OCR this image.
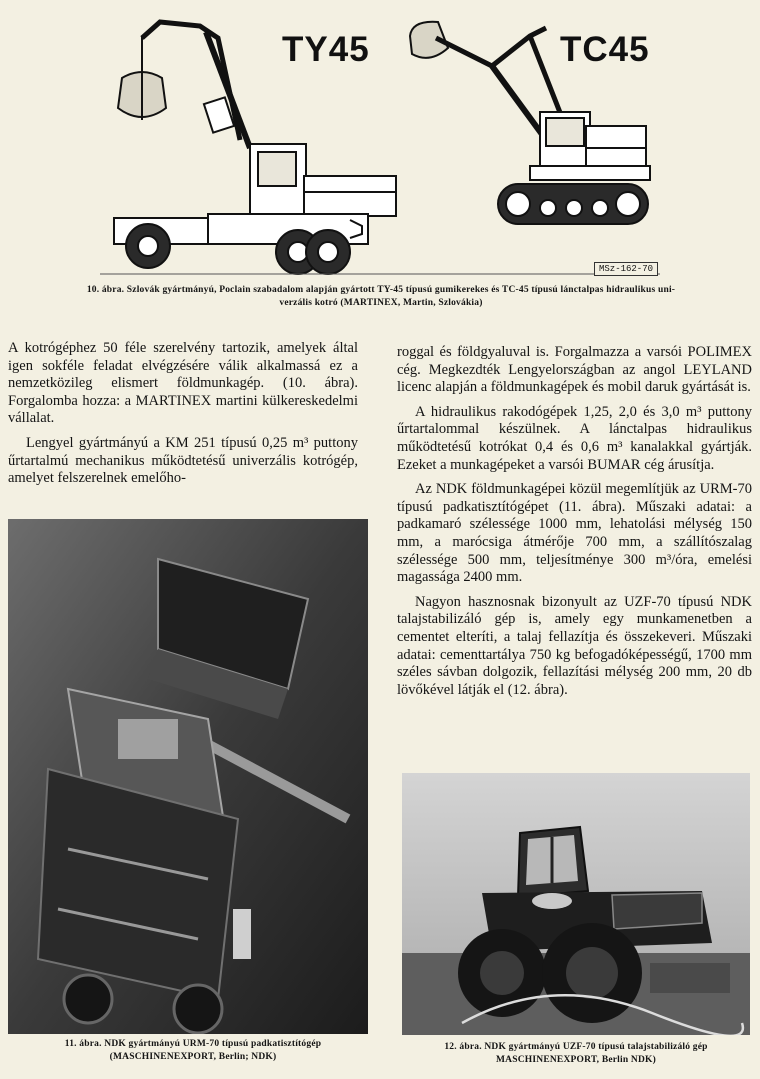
TY45	TC45
MSz-162-70
10. ábra. Szlovák gyártmányú, Poclain szabadalom alapján gyártott TY-45 típusú gumikerekes és TC-45 típusú lánctalpas hidraulikus uni-
verzális kotró (MARTINEX, Martin, Szlovákia)

A kotrógéphez 50 féle szerelvény tartozik, amelyek által igen sokféle feladat elvégzésére válik alkalmassá ez a nemzetközileg elismert földmunkagép. (10. ábra). Forgalomba hozza: a MARTINEX martini külkereskedelmi vállalat.

Lengyel gyártmányú a KM 251 típusú 0,25 m³ puttony űrtartalmú mechanikus működtetésű univerzális kotrógép, amelyet felszerelnek emelőho-

roggal és földgyaluval is. Forgalmazza a varsói POLIMEX cég. Megkezdték Lengyelországban az angol LEYLAND licenc alapján a földmunkagépek és mobil daruk gyártását is.

A hidraulikus rakodógépek 1,25, 2,0 és 3,0 m³ puttony űrtartalommal készülnek. A lánctalpas hidraulikus működtetésű kotrókat 0,4 és 0,6 m³ kanalakkal gyártják. Ezeket a munkagépeket a varsói BUMAR cég árusítja.

Az NDK földmunkagépei közül megemlítjük az URM-70 típusú padkatisztítógépet (11. ábra). Műszaki adatai: a padkamaró szélessége 1000 mm, lehatolási mélység 150 mm, a marócsiga átmérője 700 mm, a szállítószalag szélessége 500 mm, teljesítménye 300 m³/óra, emelési magassága 2400 mm.

Nagyon hasznosnak bizonyult az UZF-70 típusú NDK talajstabilizáló gép is, amely egy munkamenetben a cementet elteríti, a talaj fellazítja és összekeveri. Műszaki adatai: cementtartálya 750 kg befogadóképességű, 1700 mm széles sávban dolgozik, fellazítási mélység 200 mm, 20 db lövőkével látják el (12. ábra).

11. ábra. NDK gyártmányú URM-70 típusú padkatisztítógép
(MASCHINENEXPORT, Berlin; NDK)
12. ábra. NDK gyártmányú UZF-70 típusú talajstabilizáló gép
MASCHINENEXPORT, Berlin NDK)
